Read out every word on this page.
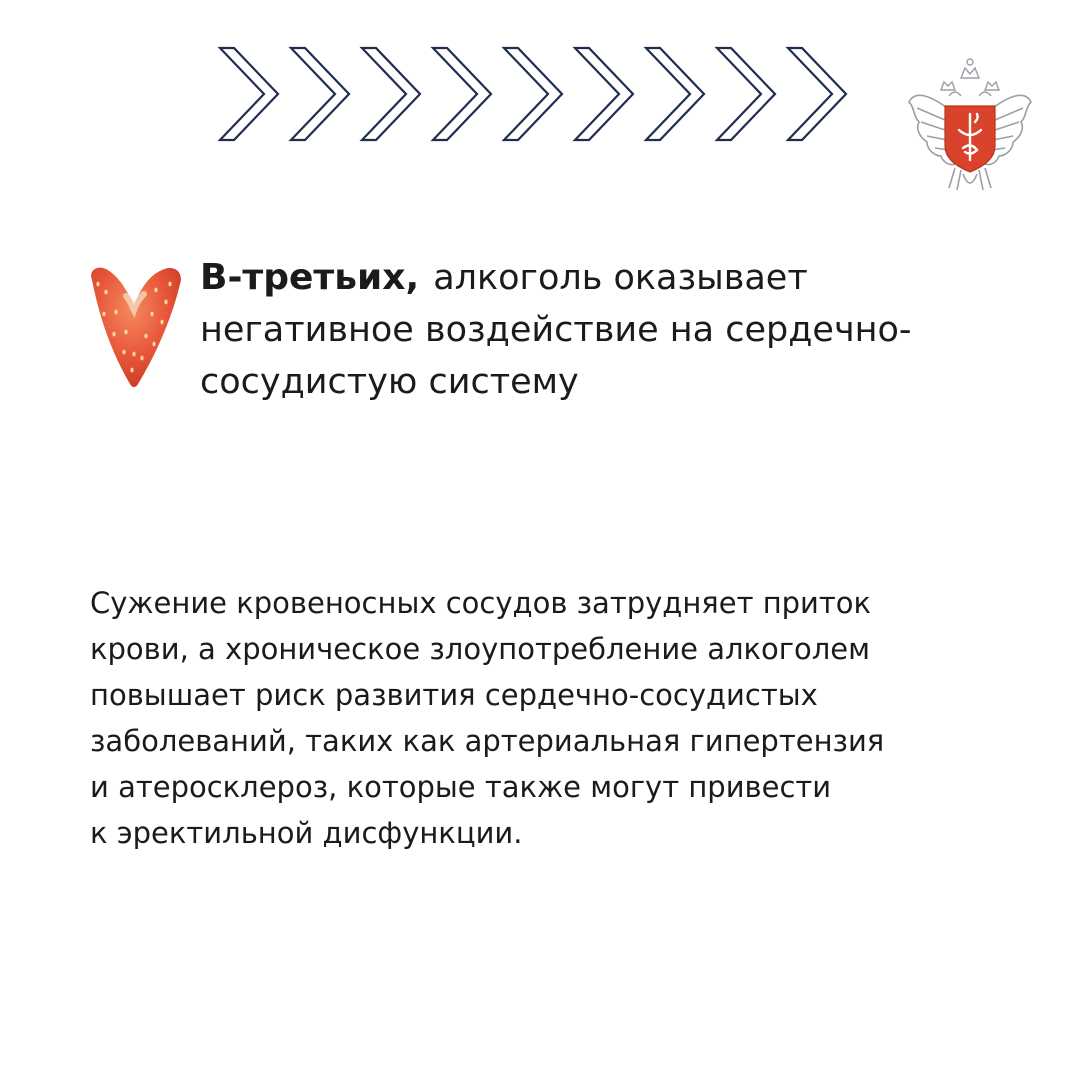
В-третьих, алкоголь оказывает негативное воздействие на сердечно-сосудистую систему

Сужение кровеносных сосудов затрудняет приток
крови, а хроническое злоупотребление алкоголем
повышает риск развития сердечно-сосудистых
заболеваний, таких как артериальная гипертензия
и атеросклероз, которые также могут привести
к эректильной дисфункции.
